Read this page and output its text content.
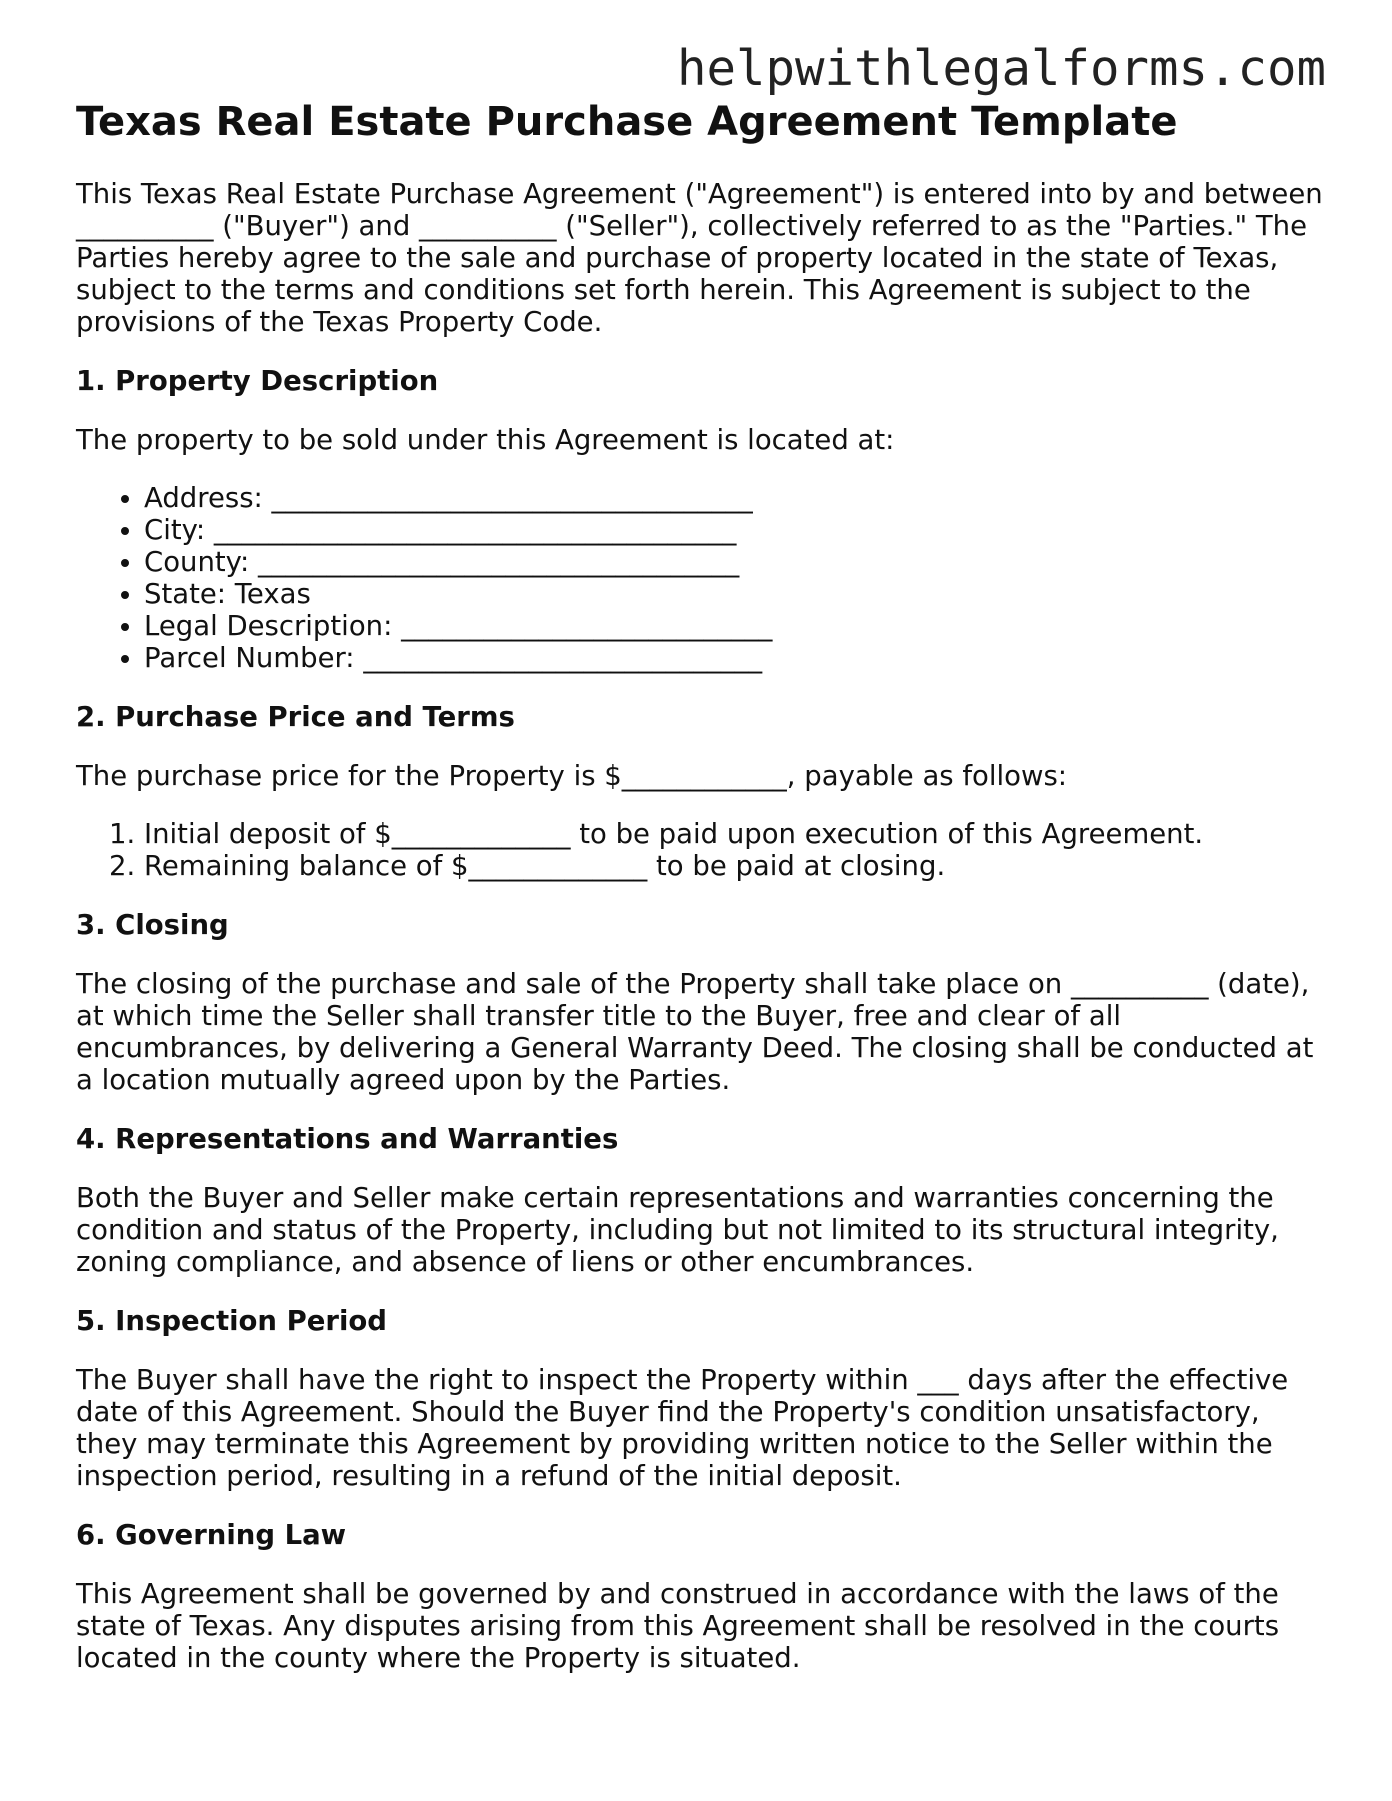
helpwithlegalforms.com
Texas Real Estate Purchase Agreement Template

This Texas Real Estate Purchase Agreement ("Agreement") is entered into by and between __________ ("Buyer") and __________ ("Seller"), collectively referred to as the "Parties." The Parties hereby agree to the sale and purchase of property located in the state of Texas, subject to the terms and conditions set forth herein. This Agreement is subject to the provisions of the Texas Property Code.

1. Property Description

The property to be sold under this Agreement is located at:

• Address: ___________________________________
• City: ______________________________________
• County: ___________________________________
• State: Texas
• Legal Description: ___________________________
• Parcel Number: _____________________________
2. Purchase Price and Terms

The purchase price for the Property is $____________, payable as follows:

1. Initial deposit of $_____________ to be paid upon execution of this Agreement.
2. Remaining balance of $_____________ to be paid at closing.
3. Closing

The closing of the purchase and sale of the Property shall take place on __________ (date), at which time the Seller shall transfer title to the Buyer, free and clear of all encumbrances, by delivering a General Warranty Deed. The closing shall be conducted at a location mutually agreed upon by the Parties.

4. Representations and Warranties

Both the Buyer and Seller make certain representations and warranties concerning the condition and status of the Property, including but not limited to its structural integrity, zoning compliance, and absence of liens or other encumbrances.

5. Inspection Period

The Buyer shall have the right to inspect the Property within ___ days after the effective date of this Agreement. Should the Buyer find the Property's condition unsatisfactory, they may terminate this Agreement by providing written notice to the Seller within the inspection period, resulting in a refund of the initial deposit.

6. Governing Law

This Agreement shall be governed by and construed in accordance with the laws of the state of Texas. Any disputes arising from this Agreement shall be resolved in the courts located in the county where the Property is situated.
